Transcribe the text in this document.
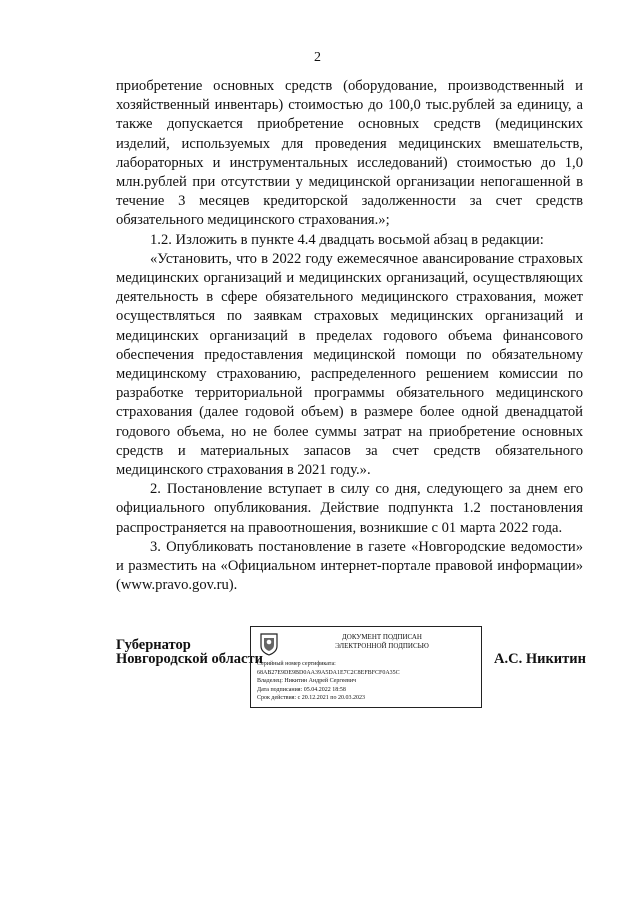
2

приобретение основных средств (оборудование, производственный и хозяйственный инвентарь) стоимостью до 100,0 тыс.рублей за единицу, а также допускается приобретение основных средств (медицинских изделий, используемых для проведения медицинских вмешательств, лабораторных и инструментальных исследований) стоимостью до 1,0 млн.рублей при отсутствии у медицинской организации непогашенной в течение 3 месяцев кредиторской задолженности за счет средств обязательного медицинского страхования.»;

1.2. Изложить в пункте 4.4 двадцать восьмой абзац в редакции:

«Установить, что в 2022 году ежемесячное авансирование страховых медицинских организаций и медицинских организаций, осуществляющих деятельность в сфере обязательного медицинского страхования, может осуществляться по заявкам страховых медицинских организаций и медицинских организаций в пределах годового объема финансового обеспечения предоставления медицинской помощи по обязательному медицинскому страхованию, распределенного решением комиссии по разработке территориальной программы обязательного медицинского страхования (далее годовой объем) в размере более одной двенадцатой годового объема, но не более суммы затрат на приобретение основных средств и материальных запасов за счет средств обязательного медицинского страхования в 2021 году.».

2. Постановление вступает в силу со дня, следующего за днем его официального опубликования. Действие подпункта 1.2 постановления распространяется на правоотношения, возникшие с 01 марта 2022 года.

3. Опубликовать постановление в газете «Новгородские ведомости» и разместить на «Официальном интернет-портале правовой информации» (www.pravo.gov.ru).

Губернатор
Новгородской области
ДОКУМЕНТ ПОДПИСАН
ЭЛЕКТРОННОЙ ПОДПИСЬЮ
Серийный номер сертификата:
68AB27E9DE9BD0AA39A5DA1E7C2C8EFBFCF0A35C
Владелец: Никитин Андрей Сергеевич
Дата подписания: 05.04.2022 18:58
Срок действия: с 20.12.2021 по 20.03.2023
А.С. Никитин
